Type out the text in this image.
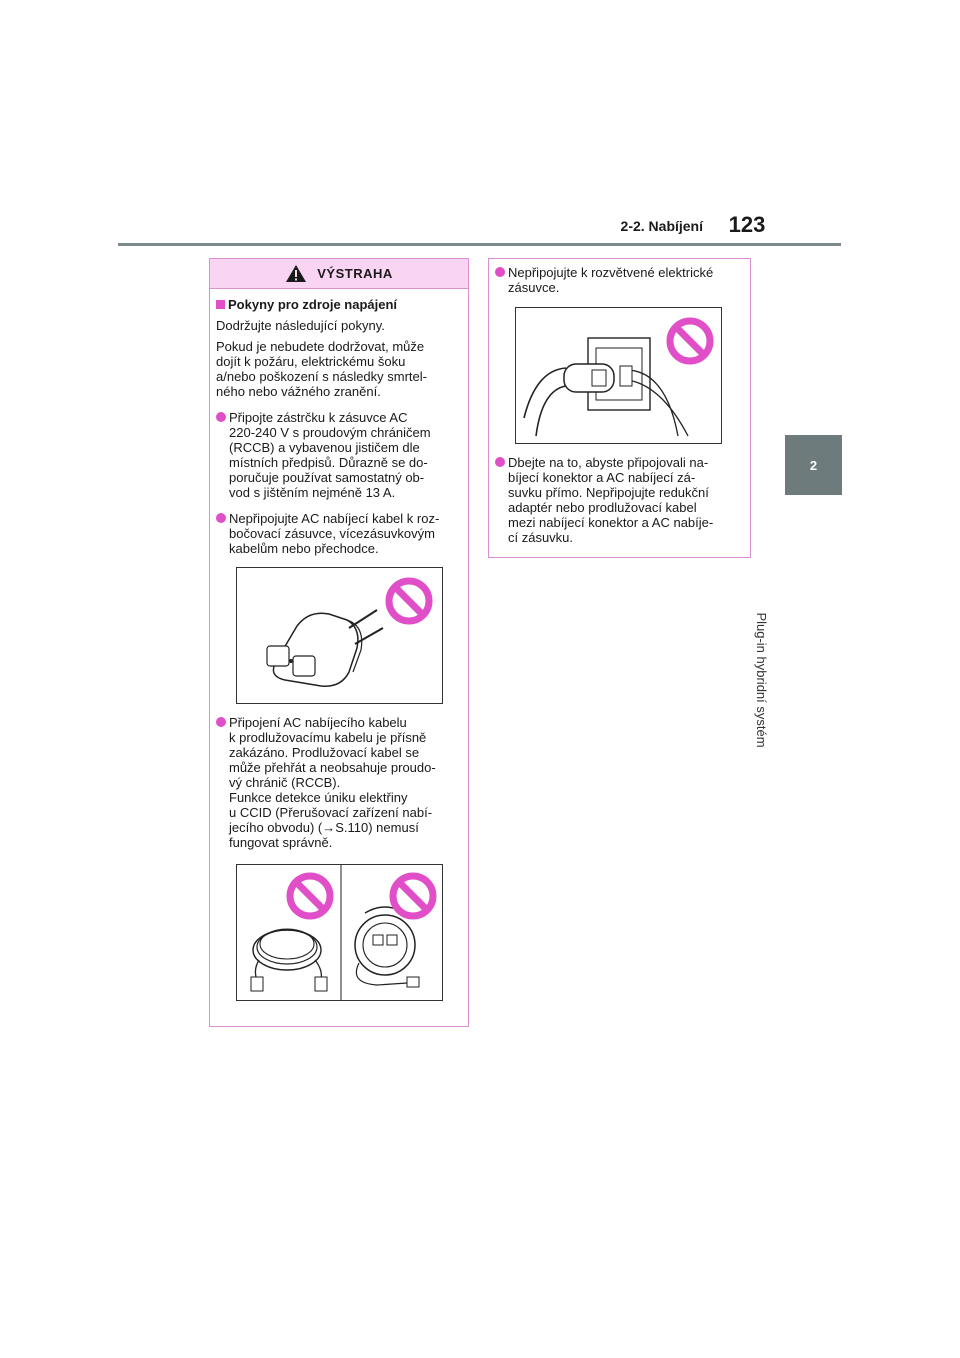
2-2. Nabíjení	123
2
Plug-in hybridní systém
VÝSTRAHA
Pokyny pro zdroje napájení

Dodržujte následující pokyny.

Pokud je nebudete dodržovat, může
dojít k požáru, elektrickému šoku
a/nebo poškození s následky smrtel-
ného nebo vážného zranění.

Připojte zástrčku k zásuvce AC
220-240 V s proudovým chráničem
(RCCB) a vybavenou jističem dle
místních předpisů. Důrazně se do-
poručuje používat samostatný ob-
vod s jištěním nejméně 13 A.
Nepřipojujte AC nabíjecí kabel k roz-
bočovací zásuvce, vícezásuvkovým
kabelům nebo přechodce.
Připojení AC nabíjecího kabelu
k prodlužovacímu kabelu je přísně
zakázáno. Prodlužovací kabel se
může přehřát a neobsahuje proudo-
vý chránič (RCCB).
Funkce detekce úniku elektřiny
u CCID (Přerušovací zařízení nabí-
jecího obvodu) (→S.110) nemusí
fungovat správně.
Nepřipojujte k rozvětvené elektrické
zásuvce.
Dbejte na to, abyste připojovali na-
bíjecí konektor a AC nabíjecí zá-
suvku přímo. Nepřipojujte redukční
adaptér nebo prodlužovací kabel
mezi nabíjecí konektor a AC nabíje-
cí zásuvku.
